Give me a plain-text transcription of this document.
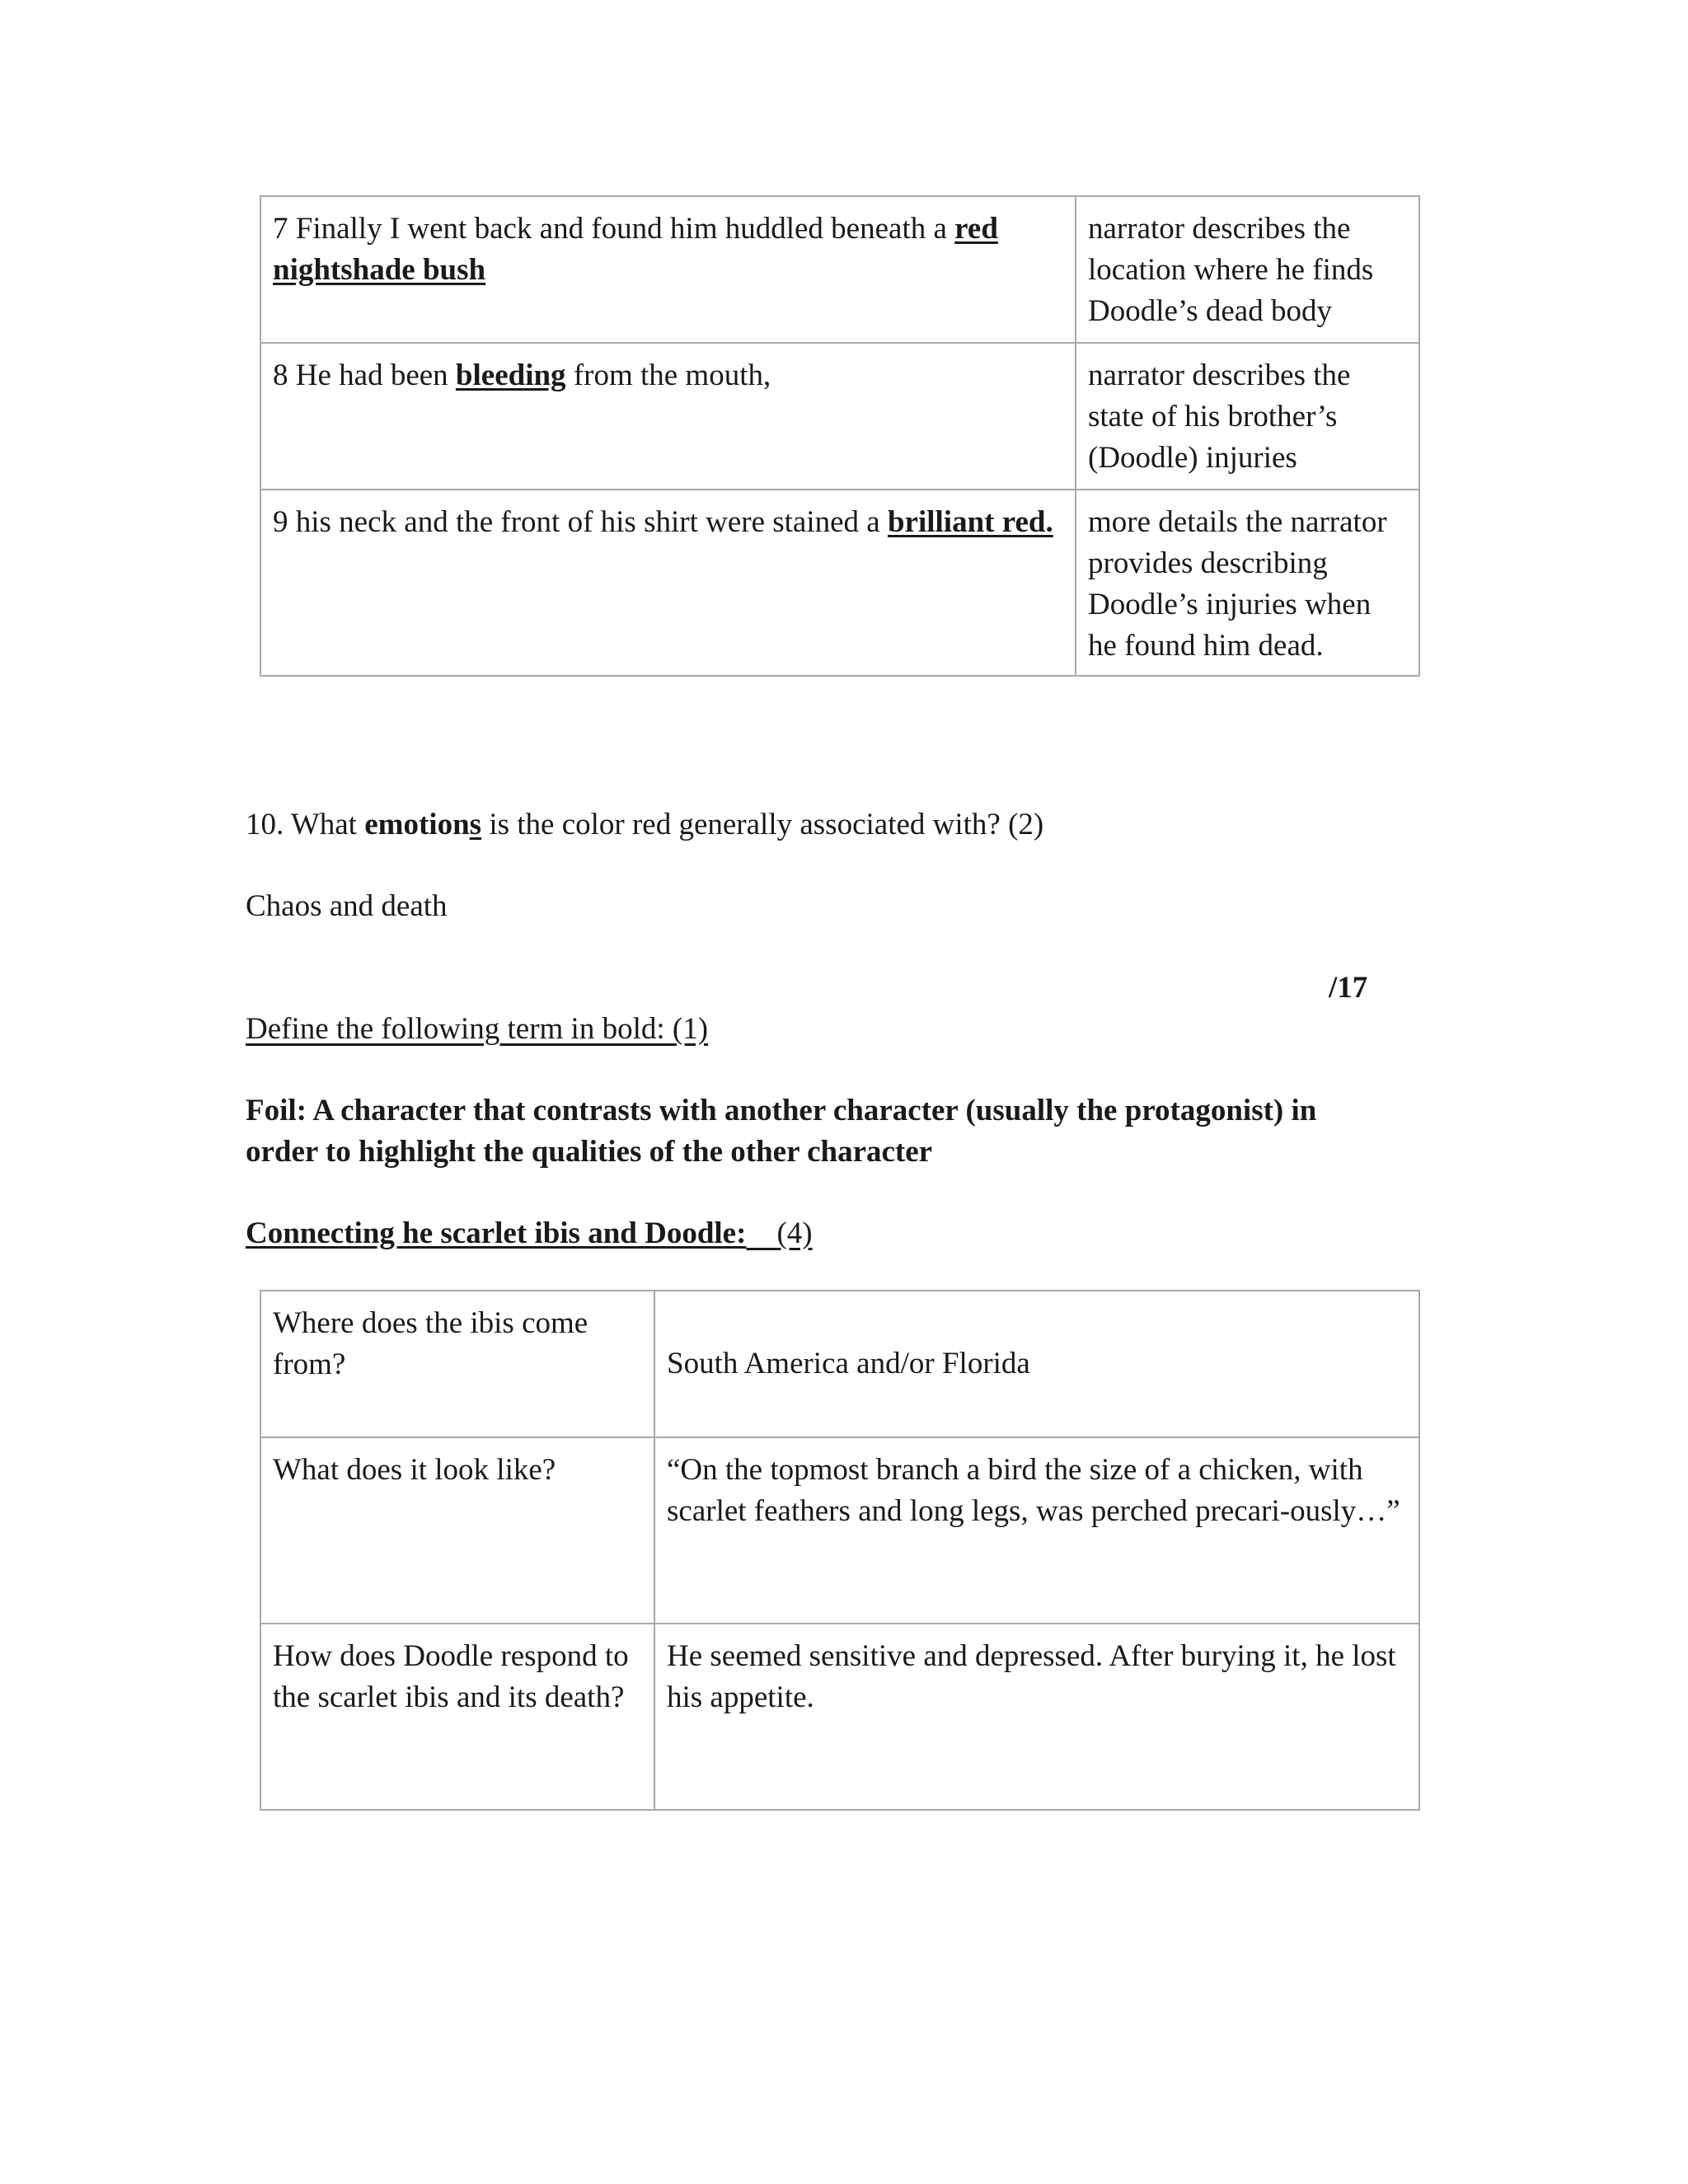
7 Finally I went back and found him huddled beneath a red nightshade bush	narrator describes the location where he finds Doodle’s dead body
8 He had been bleeding from the mouth,	narrator describes the state of his brother’s (Doodle) injuries
9 his neck and the front of his shirt were stained a brilliant red.	more details the narrator provides describing Doodle’s injuries when he found him dead.
10. What emotions is the color red generally associated with? (2)
Chaos and death
/17
Define the following term in bold: (1)
Foil: A character that contrasts with another character (usually the protagonist) in
order to highlight the qualities of the other character
Connecting he scarlet ibis and Doodle: (4)
Where does the ibis come from?	South America and/or Florida
What does it look like?	“On the topmost branch a bird the size of a chicken, with scarlet feathers and long legs, was perched precari-ously…”
How does Doodle respond to the scarlet ibis and its death?	He seemed sensitive and depressed. After burying it, he lost his appetite.
